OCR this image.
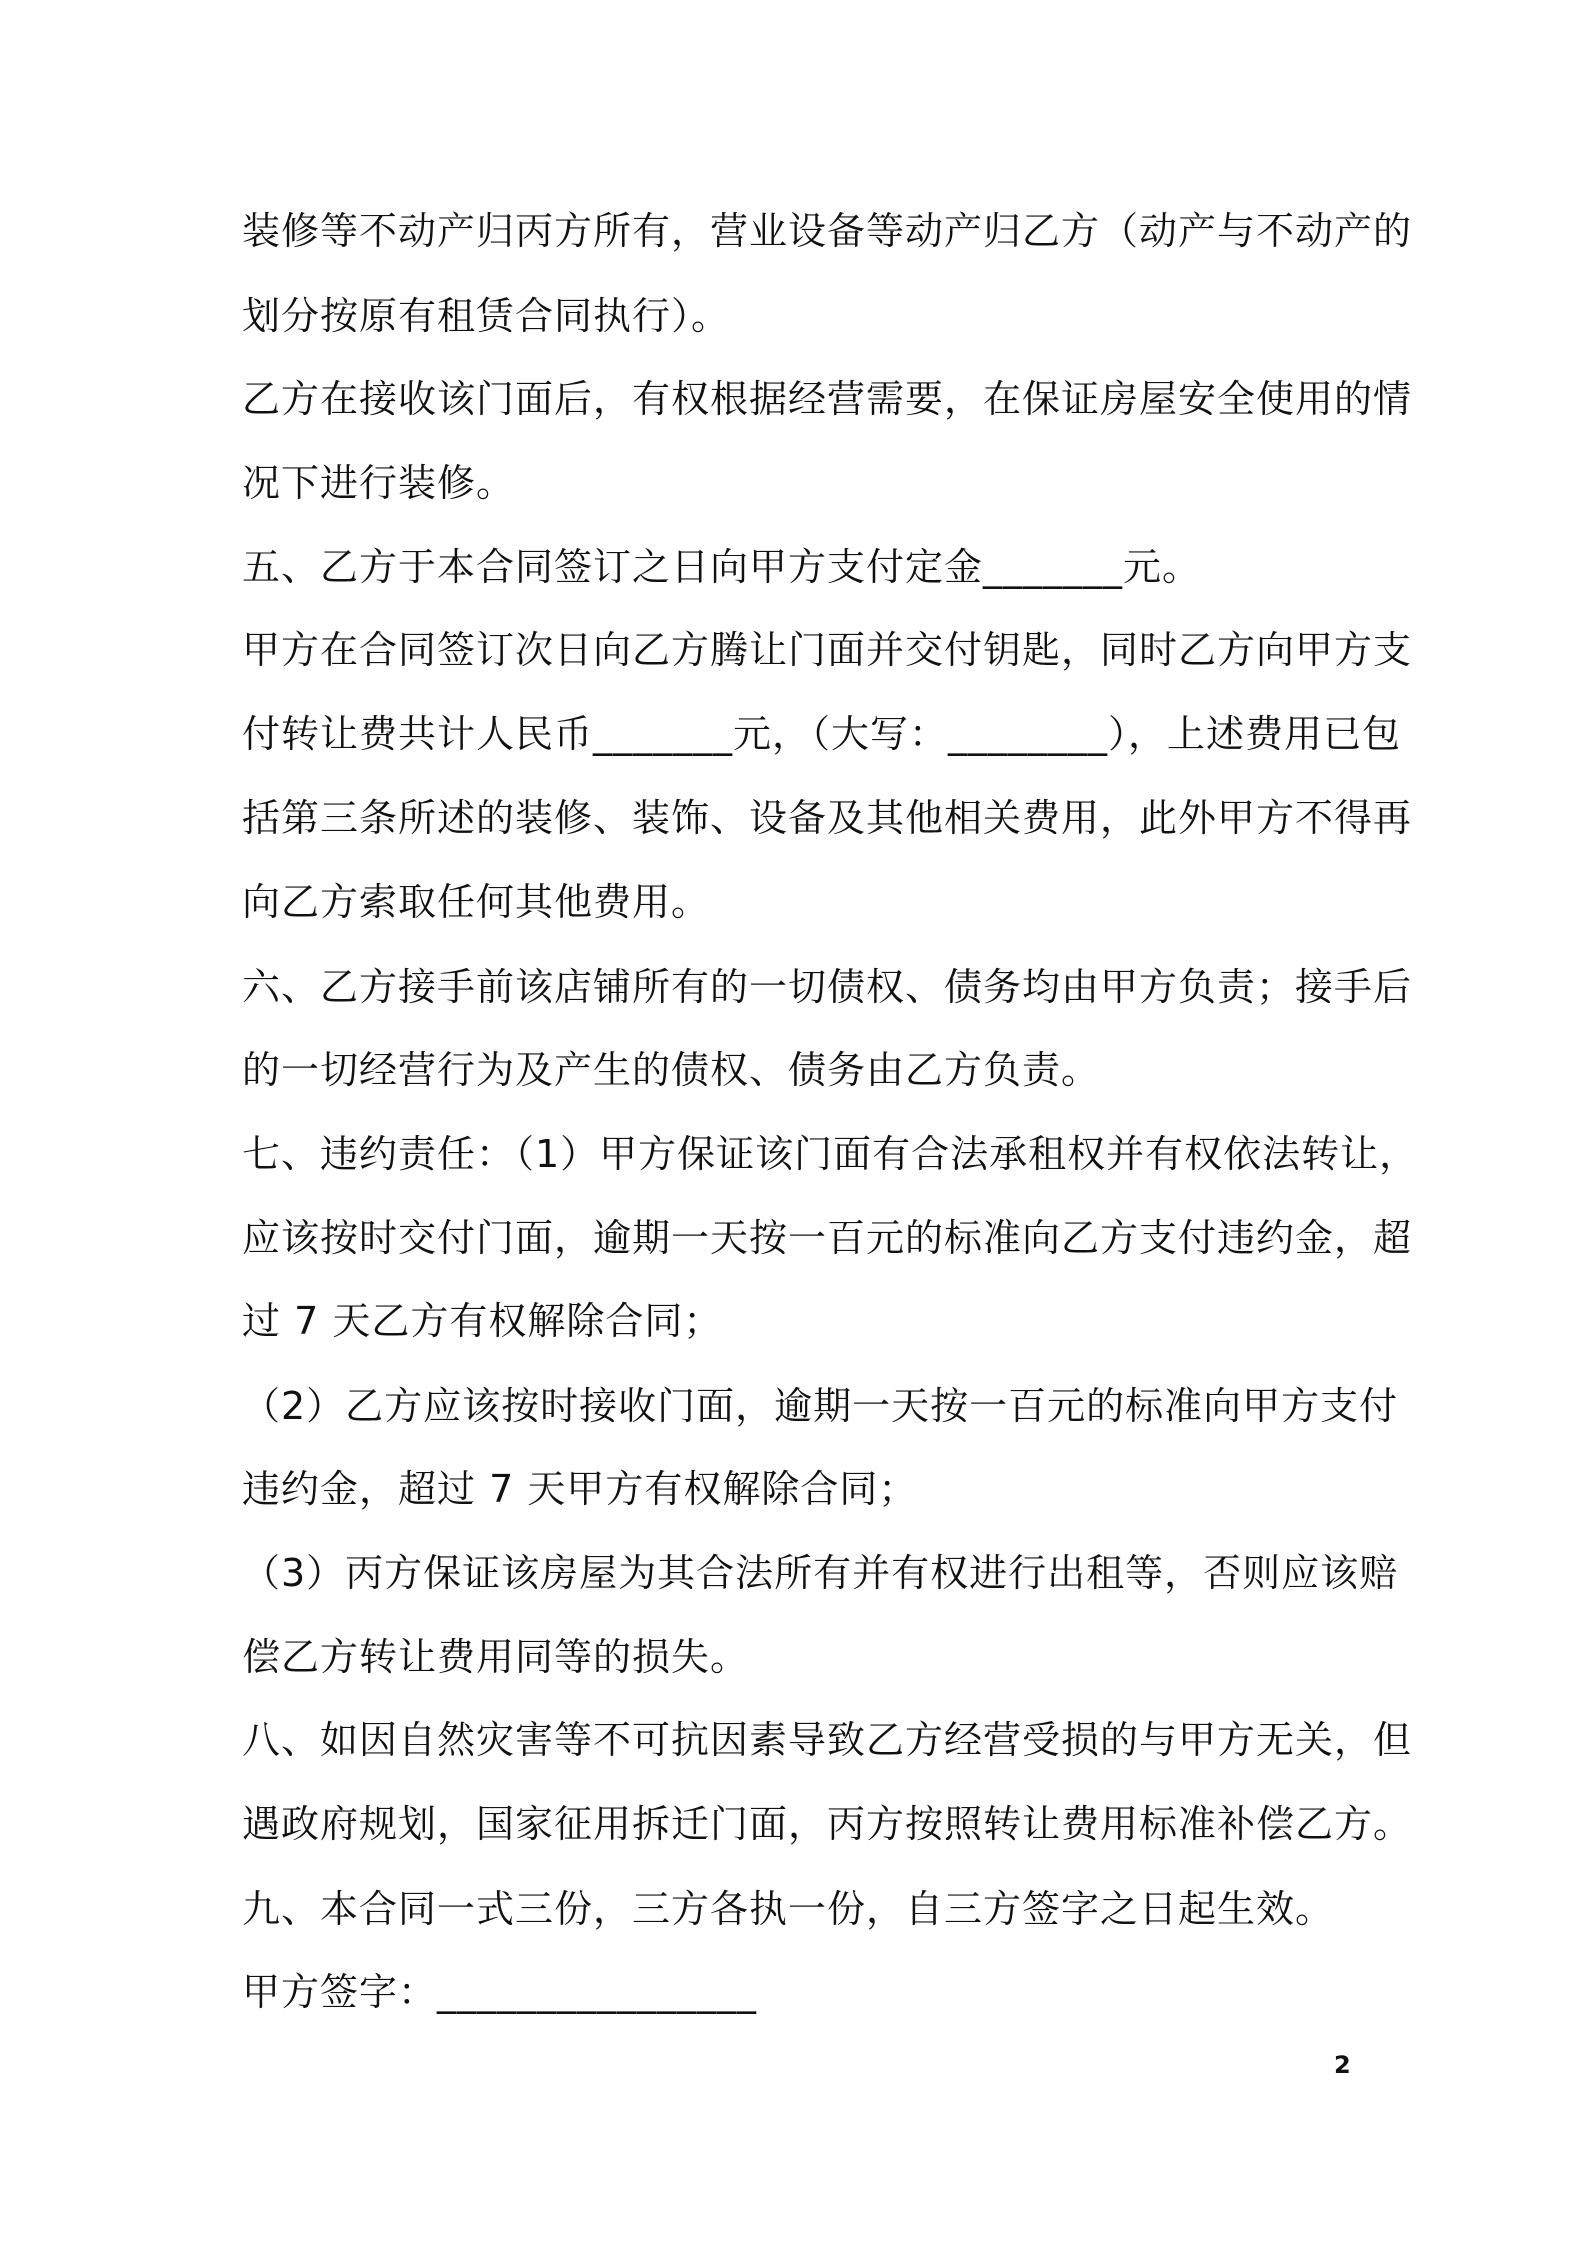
装修等不动产归丙方所有，营业设备等动产归乙方（动产与不动产的
划分按原有租赁合同执行）。
乙方在接收该门面后，有权根据经营需要，在保证房屋安全使用的情
况下进行装修。
五、乙方于本合同签订之日向甲方支付定金_______元。
甲方在合同签订次日向乙方腾让门面并交付钥匙，同时乙方向甲方支
付转让费共计人民币_______元，（大写：________），上述费用已包
括第三条所述的装修、装饰、设备及其他相关费用，此外甲方不得再
向乙方索取任何其他费用。
六、乙方接手前该店铺所有的一切债权、债务均由甲方负责；接手后
的一切经营行为及产生的债权、债务由乙方负责。
七、违约责任：（1）甲方保证该门面有合法承租权并有权依法转让，
应该按时交付门面，逾期一天按一百元的标准向乙方支付违约金，超
过 7 天乙方有权解除合同；
（2）乙方应该按时接收门面，逾期一天按一百元的标准向甲方支付
违约金，超过 7 天甲方有权解除合同；
（3）丙方保证该房屋为其合法所有并有权进行出租等，否则应该赔
偿乙方转让费用同等的损失。
八、如因自然灾害等不可抗因素导致乙方经营受损的与甲方无关，但
遇政府规划，国家征用拆迁门面，丙方按照转让费用标准补偿乙方。
九、本合同一式三份，三方各执一份，自三方签字之日起生效。
甲方签字：________________
2
